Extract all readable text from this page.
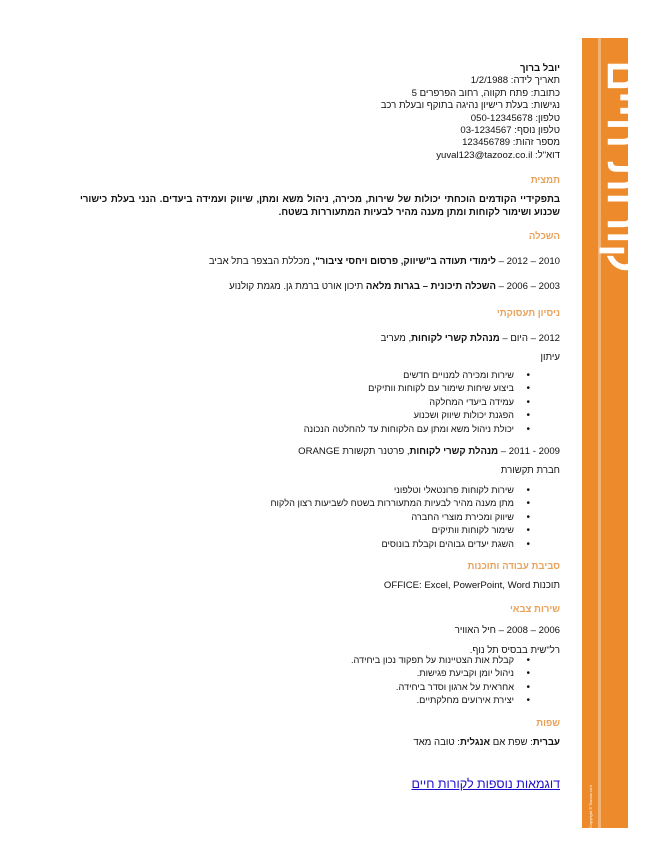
יובל ברוך
תאריך לידה: 1/2/1988
כתובת: פתח תקווה, רחוב הפרפרים 5
נגישות: בעלת רישיון נהיגה בתוקף ובעלת רכב
טלפון: 050-12345678
טלפון נוסף: 03-1234567
מספר זהות: 123456789
דוא"ל: yuval123@tazooz.co.il
תמצית
בתפקידיי הקודמים הוכחתי יכולות של שירות, מכירה, ניהול משא ומתן, שיווק ועמידה ביעדים. הנני בעלת כישורי שכנוע ושימור לקוחות ומתן מענה מהיר לבעיות המתעוררות בשטח.
השכלה
2010 – 2012 – לימודי תעודה ב"שיווק, פרסום ויחסי ציבור", מכללת הבצפר בתל אביב
2003 – 2006 – השכלה תיכונית – בגרות מלאה תיכון אורט ברמת גן. מגמת קולנוע
ניסיון תעסוקתי
2012 – היום – מנהלת קשרי לקוחות, מעריב
עיתון
• שירות ומכירה למנויים חדשים
• ביצוע שיחות שימור עם לקוחות וותיקים
• עמידה ביעדי המחלקה
• הפגנת יכולות שיווק ושכנוע
• יכולת ניהול משא ומתן עם הלקוחות עד להחלטה הנכונה
2009 - 2011 – מנהלת קשרי לקוחות, פרטנר תקשורת ORANGE
חברת תקשורת
• שירות לקוחות פרונטאלי וטלפוני
• מתן מענה מהיר לבעיות המתעוררות בשטח לשביעות רצון הלקוח
• שיווק ומכירת מוצרי החברה
• שימור לקוחות וותיקים
• השגת יעדים גבוהים וקבלת בונוסים
סביבת עבודה ותוכנות
תוכנות OFFICE: Excel, PowerPoint, Word
שירות צבאי
2006 – 2008 – חיל האוויר
רל"שית בבסיס תל נוף.
• קבלת אות הצטיינות על תפקוד נכון ביחידה.
• ניהול יומן וקביעת פגישות.
• אחראית על ארגון וסדר ביחידה.
• יצירת אירועים מחלקתיים.
שפות
עברית: שפת אם אנגלית: טובה מאד
דוגמאות נוספות לקורות חיים
קורות חיים
Copyright © Tazooz.co.il
